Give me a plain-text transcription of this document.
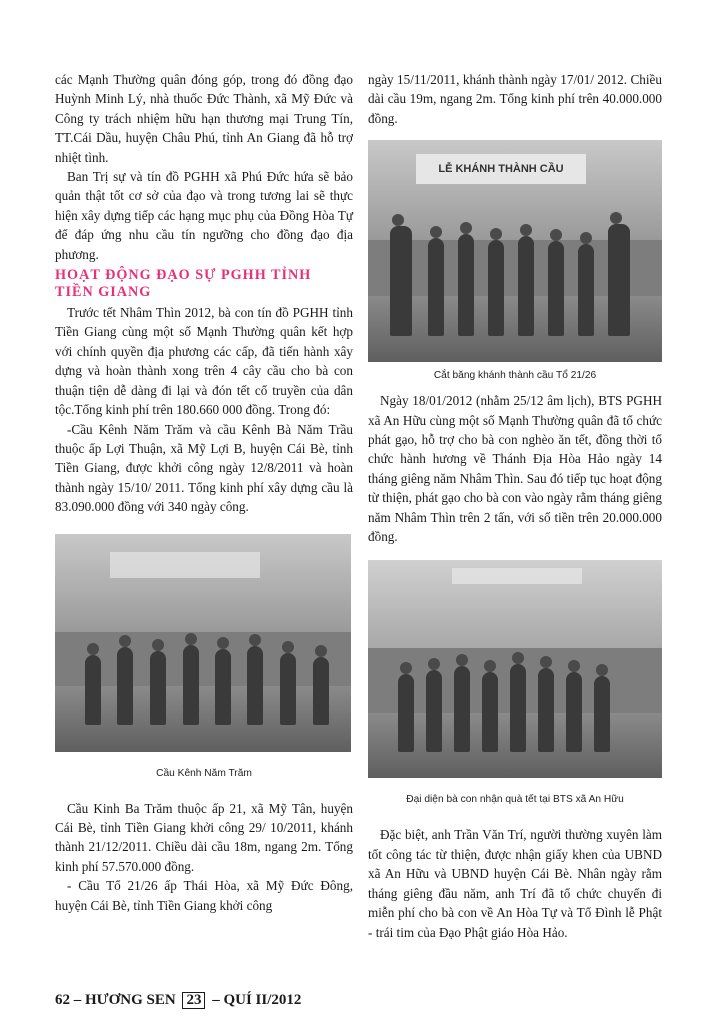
các Mạnh Thường quân đóng góp, trong đó đồng đạo Huỳnh Minh Lý, nhà thuốc Đức Thành, xã Mỹ Đức và Công ty trách nhiệm hữu hạn thương mại Trung Tín, TT.Cái Dầu, huyện Châu Phú, tỉnh An Giang đã hỗ trợ nhiệt tình.

Ban Trị sự và tín đồ PGHH xã Phú Đức hứa sẽ bảo quản thật tốt cơ sở của đạo và trong tương lai sẽ thực hiện xây dựng tiếp các hạng mục phụ của Đồng Hòa Tự để đáp ứng nhu cầu tín ngưỡng cho đồng đạo địa phương.

HOẠT ĐỘNG ĐẠO SỰ PGHH TỈNH TIỀN GIANG

Trước tết Nhâm Thìn 2012, bà con tín đồ PGHH tỉnh Tiền Giang cùng một số Mạnh Thường quân kết hợp với chính quyền địa phương các cấp, đã tiến hành xây dựng và hoàn thành xong trên 4 cây cầu cho bà con thuận tiện dễ dàng đi lại và đón tết cổ truyền của dân tộc.Tổng kinh phí trên 180.660 000 đồng. Trong đó:

-Cầu Kênh Năm Trăm và cầu Kênh Bà Năm Trầu thuộc ấp Lợi Thuận, xã Mỹ Lợi B, huyện Cái Bè, tỉnh Tiền Giang, được khởi công ngày 12/8/2011 và hoàn thành ngày 15/10/ 2011. Tổng kinh phí xây dựng cầu là 83.090.000 đồng với 340 ngày công.

Cầu Kênh Năm Trăm

Cầu Kinh Ba Trăm thuộc ấp 21, xã Mỹ Tân, huyện Cái Bè, tỉnh Tiền Giang khởi công 29/ 10/2011, khánh thành 21/12/2011. Chiều dài cầu 18m, ngang 2m. Tổng kinh phí 57.570.000 đồng.

- Cầu Tổ 21/26 ấp Thái Hòa, xã Mỹ Đức Đông, huyện Cái Bè, tỉnh Tiền Giang khởi công

ngày 15/11/2011, khánh thành ngày 17/01/ 2012. Chiều dài cầu 19m, ngang 2m. Tổng kinh phí trên 40.000.000 đồng.

LỄ KHÁNH THÀNH CẦU
Cắt băng khánh thành cầu Tổ 21/26

Ngày 18/01/2012 (nhằm 25/12 âm lịch), BTS PGHH xã An Hữu cùng một số Mạnh Thường quân đã tổ chức phát gạo, hỗ trợ cho bà con nghèo ăn tết, đồng thời tổ chức hành hương về Thánh Địa Hòa Hảo ngày 14 tháng giêng năm Nhâm Thìn. Sau đó tiếp tục hoạt động từ thiện, phát gạo cho bà con vào ngày rằm tháng giêng năm Nhâm Thìn trên 2 tấn, với số tiền trên 20.000.000 đồng.

Đại diện bà con nhận quà tết tại BTS xã An Hữu

Đặc biệt, anh Trần Văn Trí, người thường xuyên làm tốt công tác từ thiện, được nhận giấy khen của UBND xã An Hữu và UBND huyện Cái Bè. Nhân ngày rằm tháng giêng đầu năm, anh Trí đã tổ chức chuyến đi miễn phí cho bà con về An Hòa Tự và Tổ Đình lễ Phật - trái tim của Đạo Phật giáo Hòa Hảo.

62 – HƯƠNG SEN 23 – QUÍ II/2012
